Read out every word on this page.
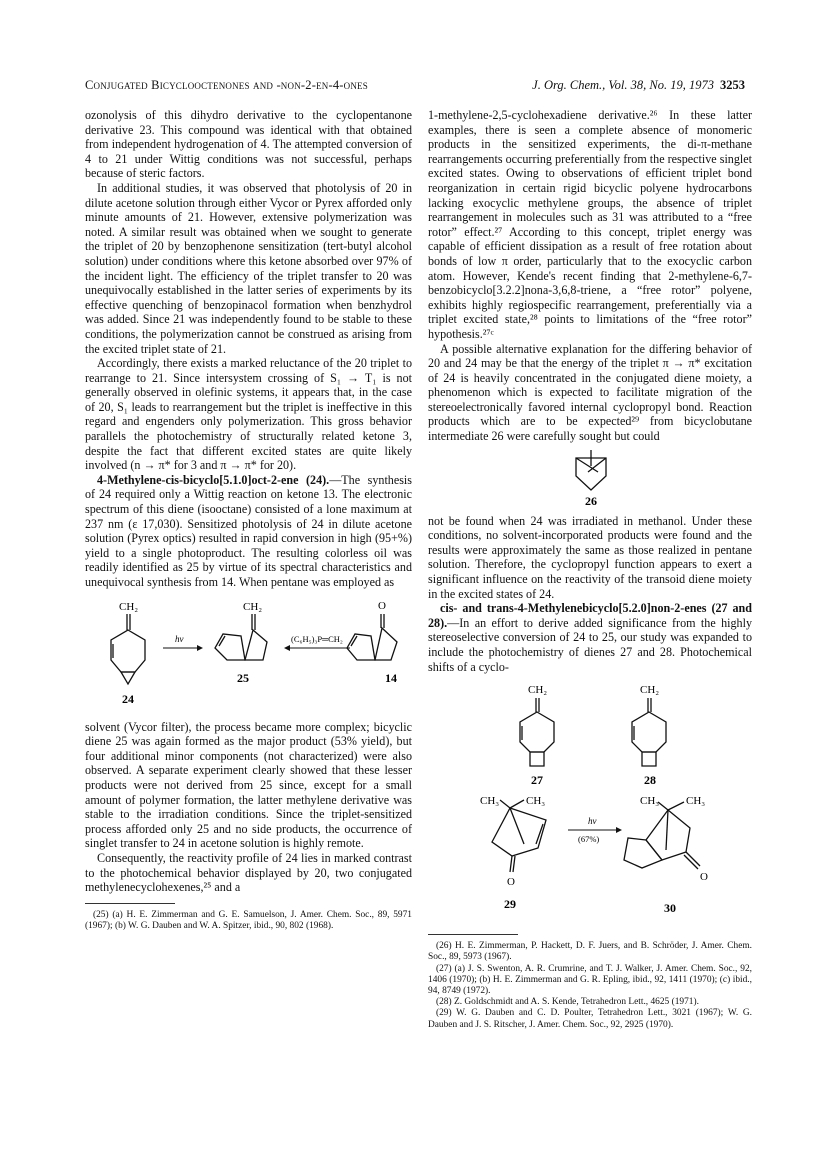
Conjugated Bicyclooctenones and -non-2-en-4-ones	J. Org. Chem., Vol. 38, No. 19, 1973 3253

ozonolysis of this dihydro derivative to the cyclopentanone derivative 23. This compound was identical with that obtained from independent hydrogenation of 4. The attempted conversion of 4 to 21 under Wittig conditions was not successful, perhaps because of steric factors.

In additional studies, it was observed that photolysis of 20 in dilute acetone solution through either Vycor or Pyrex afforded only minute amounts of 21. However, extensive polymerization was noted. A similar result was obtained when we sought to generate the triplet of 20 by benzophenone sensitization (tert-butyl alcohol solution) under conditions where this ketone absorbed over 97% of the incident light. The efficiency of the triplet transfer to 20 was unequivocally established in the latter series of experiments by its effective quenching of benzopinacol formation when benzhydrol was added. Since 21 was independently found to be stable to these conditions, the polymerization cannot be construed as arising from the excited triplet state of 21.

Accordingly, there exists a marked reluctance of the 20 triplet to rearrange to 21. Since intersystem crossing of S₁ → T₁ is not generally observed in olefinic systems, it appears that, in the case of 20, S₁ leads to rearrangement but the triplet is ineffective in this regard and engenders only polymerization. This gross behavior parallels the photochemistry of structurally related ketone 3, despite the fact that different excited states are quite likely involved (n → π* for 3 and π → π* for 20).

4-Methylene-cis-bicyclo[5.1.0]oct-2-ene (24).—The synthesis of 24 required only a Wittig reaction on ketone 13. The electronic spectrum of this diene (isooctane) consisted of a lone maximum at 237 nm (ε 17,030). Sensitized photolysis of 24 in dilute acetone solution (Pyrex optics) resulted in rapid conversion in high (95+%) yield to a single photoproduct. The resulting colorless oil was readily identified as 25 by virtue of its spectral characteristics and unequivocal synthesis from 14. When pentane was employed as

CH₂
24
hν
CH₂
25
(C₆H₅)₃P═CH₂
O
14

solvent (Vycor filter), the process became more complex; bicyclic diene 25 was again formed as the major product (53% yield), but four additional minor components (not characterized) were also observed. A separate experiment clearly showed that these lesser products were not derived from 25 since, except for a small amount of polymer formation, the latter methylene derivative was stable to the irradiation conditions. Since the triplet-sensitized process afforded only 25 and no side products, the occurrence of singlet transfer to 24 in acetone solution is highly remote.

Consequently, the reactivity profile of 24 lies in marked contrast to the photochemical behavior displayed by 20, two conjugated methylenecyclohexenes,²⁵ and a

(25) (a) H. E. Zimmerman and G. E. Samuelson, J. Amer. Chem. Soc., 89, 5971 (1967); (b) W. G. Dauben and W. A. Spitzer, ibid., 90, 802 (1968).

1-methylene-2,5-cyclohexadiene derivative.²⁶ In these latter examples, there is seen a complete absence of monomeric products in the sensitized experiments, the di-π-methane rearrangements occurring preferentially from the respective singlet excited states. Owing to observations of efficient triplet bond reorganization in certain rigid bicyclic polyene hydrocarbons lacking exocyclic methylene groups, the absence of triplet rearrangement in molecules such as 31 was attributed to a “free rotor” effect.²⁷ According to this concept, triplet energy was capable of efficient dissipation as a result of free rotation about bonds of low π order, particularly that to the exocyclic carbon atom. However, Kende's recent finding that 2-methylene-6,7-benzobicyclo[3.2.2]nona-3,6,8-triene, a “free rotor” polyene, exhibits highly regiospecific rearrangement, preferentially via a triplet excited state,²⁸ points to limitations of the “free rotor” hypothesis.²⁷ᶜ

A possible alternative explanation for the differing behavior of 20 and 24 may be that the energy of the triplet π → π* excitation of 24 is heavily concentrated in the conjugated diene moiety, a phenomenon which is expected to facilitate migration of the stereoelectronically favored internal cyclopropyl bond. Reaction products which are to be expected²⁹ from bicyclobutane intermediate 26 were carefully sought but could

26

not be found when 24 was irradiated in methanol. Under these conditions, no solvent-incorporated products were found and the results were approximately the same as those realized in pentane solution. Therefore, the cyclopropyl function appears to exert a significant influence on the reactivity of the transoid diene moiety in the excited states of 24.

cis- and trans-4-Methylenebicyclo[5.2.0]non-2-enes (27 and 28).—In an effort to derive added significance from the highly stereoselective conversion of 24 to 25, our study was expanded to include the photochemistry of dienes 27 and 28. Photochemical shifts of a cyclo-

CH₂
27
CH₂
28
CH₃ CH₃
O
29
hν
(67%)
CH₃ CH₃
O
30

(26) H. E. Zimmerman, P. Hackett, D. F. Juers, and B. Schröder, J. Amer. Chem. Soc., 89, 5973 (1967).

(27) (a) J. S. Swenton, A. R. Crumrine, and T. J. Walker, J. Amer. Chem. Soc., 92, 1406 (1970); (b) H. E. Zimmerman and G. R. Epling, ibid., 92, 1411 (1970); (c) ibid., 94, 8749 (1972).

(28) Z. Goldschmidt and A. S. Kende, Tetrahedron Lett., 4625 (1971).

(29) W. G. Dauben and C. D. Poulter, Tetrahedron Lett., 3021 (1967); W. G. Dauben and J. S. Ritscher, J. Amer. Chem. Soc., 92, 2925 (1970).
